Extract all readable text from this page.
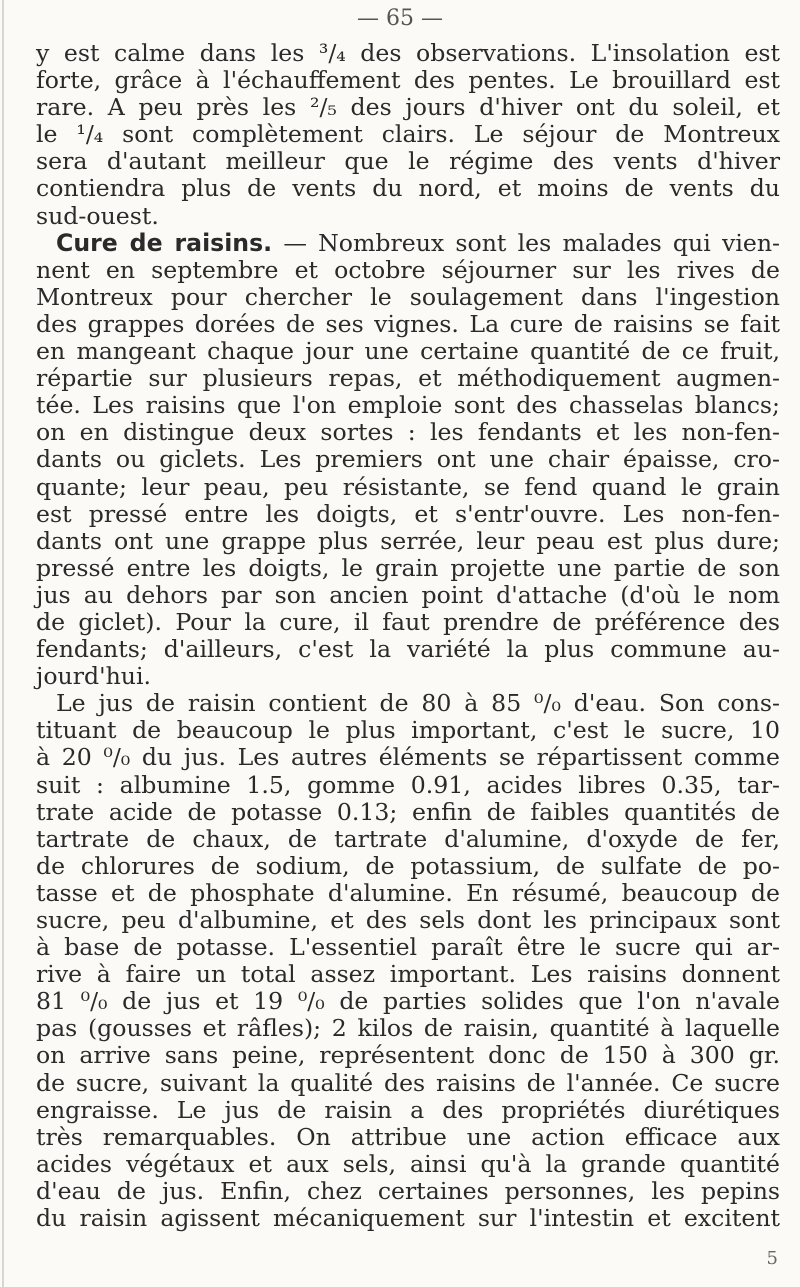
— 65 —
y est calme dans les ³/₄ des observations. L'insolation est
forte, grâce à l'échauffement des pentes. Le brouillard est
rare. A peu près les ²/₅ des jours d'hiver ont du soleil, et
le ¹/₄ sont complètement clairs. Le séjour de Montreux
sera d'autant meilleur que le régime des vents d'hiver
contiendra plus de vents du nord, et moins de vents du
sud-ouest.
Cure de raisins. — Nombreux sont les malades qui vien-
nent en septembre et octobre séjourner sur les rives de
Montreux pour chercher le soulagement dans l'ingestion
des grappes dorées de ses vignes. La cure de raisins se fait
en mangeant chaque jour une certaine quantité de ce fruit,
répartie sur plusieurs repas, et méthodiquement augmen-
tée. Les raisins que l'on emploie sont des chasselas blancs;
on en distingue deux sortes : les fendants et les non-fen-
dants ou giclets. Les premiers ont une chair épaisse, cro-
quante; leur peau, peu résistante, se fend quand le grain
est pressé entre les doigts, et s'entr'ouvre. Les non-fen-
dants ont une grappe plus serrée, leur peau est plus dure;
pressé entre les doigts, le grain projette une partie de son
jus au dehors par son ancien point d'attache (d'où le nom
de giclet). Pour la cure, il faut prendre de préférence des
fendants; d'ailleurs, c'est la variété la plus commune au-
jourd'hui.
Le jus de raisin contient de 80 à 85 ⁰/₀ d'eau. Son cons-
tituant de beaucoup le plus important, c'est le sucre, 10
à 20 ⁰/₀ du jus. Les autres éléments se répartissent comme
suit : albumine 1.5, gomme 0.91, acides libres 0.35, tar-
trate acide de potasse 0.13; enfin de faibles quantités de
tartrate de chaux, de tartrate d'alumine, d'oxyde de fer,
de chlorures de sodium, de potassium, de sulfate de po-
tasse et de phosphate d'alumine. En résumé, beaucoup de
sucre, peu d'albumine, et des sels dont les principaux sont
à base de potasse. L'essentiel paraît être le sucre qui ar-
rive à faire un total assez important. Les raisins donnent
81 ⁰/₀ de jus et 19 ⁰/₀ de parties solides que l'on n'avale
pas (gousses et râfles); 2 kilos de raisin, quantité à laquelle
on arrive sans peine, représentent donc de 150 à 300 gr.
de sucre, suivant la qualité des raisins de l'année. Ce sucre
engraisse. Le jus de raisin a des propriétés diurétiques
très remarquables. On attribue une action efficace aux
acides végétaux et aux sels, ainsi qu'à la grande quantité
d'eau de jus. Enfin, chez certaines personnes, les pepins
du raisin agissent mécaniquement sur l'intestin et excitent
5
